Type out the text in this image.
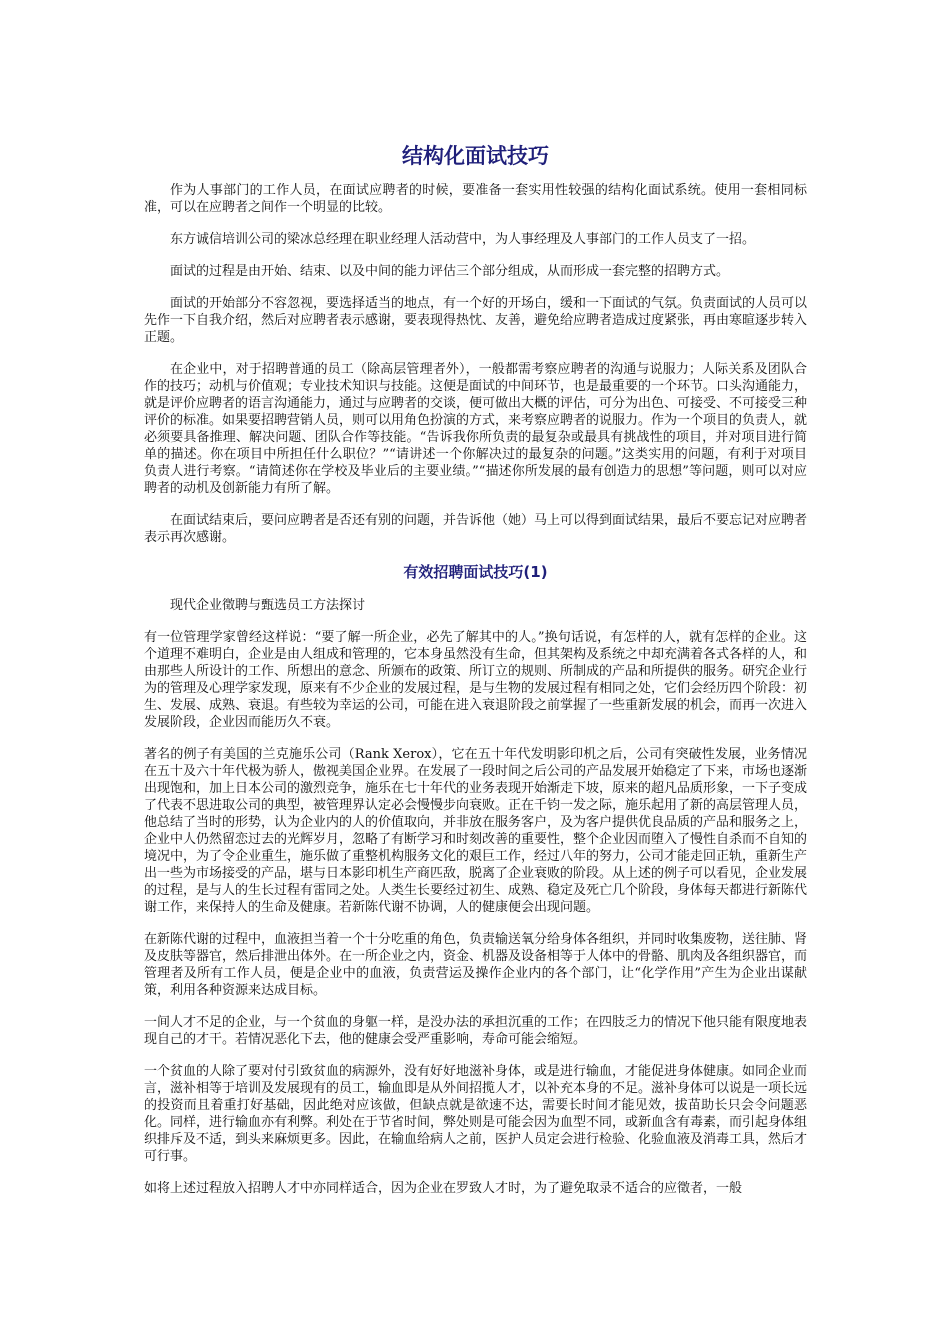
结构化面试技巧

作为人事部门的工作人员，在面试应聘者的时候，要准备一套实用性较强的结构化面试系统。使用一套相同标准，可以在应聘者之间作一个明显的比较。

东方诚信培训公司的梁冰总经理在职业经理人活动营中，为人事经理及人事部门的工作人员支了一招。

面试的过程是由开始、结束、以及中间的能力评估三个部分组成，从而形成一套完整的招聘方式。

面试的开始部分不容忽视，要选择适当的地点，有一个好的开场白，缓和一下面试的气氛。负责面试的人员可以先作一下自我介绍，然后对应聘者表示感谢，要表现得热忱、友善，避免给应聘者造成过度紧张，再由寒暄逐步转入正题。

在企业中，对于招聘普通的员工（除高层管理者外），一般都需考察应聘者的沟通与说服力；人际关系及团队合作的技巧；动机与价值观；专业技术知识与技能。这便是面试的中间环节，也是最重要的一个环节。口头沟通能力，就是评价应聘者的语言沟通能力，通过与应聘者的交谈，便可做出大概的评估，可分为出色、可接受、不可接受三种评价的标准。如果要招聘营销人员，则可以用角色扮演的方式，来考察应聘者的说服力。作为一个项目的负责人，就必须要具备推理、解决问题、团队合作等技能。“告诉我你所负责的最复杂或最具有挑战性的项目，并对项目进行简单的描述。你在项目中所担任什么职位？”“请讲述一个你解决过的最复杂的问题。”这类实用的问题，有利于对项目负责人进行考察。“请简述你在学校及毕业后的主要业绩。”“描述你所发展的最有创造力的思想”等问题，则可以对应聘者的动机及创新能力有所了解。

在面试结束后，要问应聘者是否还有别的问题，并告诉他（她）马上可以得到面试结果，最后不要忘记对应聘者表示再次感谢。

有效招聘面试技巧(1)

现代企业徵聘与甄选员工方法探讨

有一位管理学家曾经这样说：“要了解一所企业，必先了解其中的人。”换句话说，有怎样的人，就有怎样的企业。这个道理不难明白，企业是由人组成和管理的，它本身虽然没有生命，但其架构及系统之中却充满着各式各样的人，和由那些人所设计的工作、所想出的意念、所颁布的政策、所订立的规则、所制成的产品和所提供的服务。研究企业行为的管理及心理学家发现，原来有不少企业的发展过程，是与生物的发展过程有相同之处，它们会经历四个阶段：初生、发展、成熟、衰退。有些较为幸运的公司，可能在进入衰退阶段之前掌握了一些重新发展的机会，而再一次进入发展阶段，企业因而能历久不衰。

著名的例子有美国的兰克施乐公司（Rank Xerox），它在五十年代发明影印机之后，公司有突破性发展，业务情况在五十及六十年代极为骄人，傲视美国企业界。在发展了一段时间之后公司的产品发展开始稳定了下来，市场也逐渐出现饱和，加上日本公司的激烈竞争，施乐在七十年代的业务表现开始渐走下坡，原来的超凡品质形象，一下子变成了代表不思进取公司的典型，被管理界认定必会慢慢步向衰败。正在千钧一发之际，施乐起用了新的高层管理人员，他总结了当时的形势，认为企业内的人的价值取向，并非放在服务客户，及为客户提供优良品质的产品和服务之上，企业中人仍然留恋过去的光辉岁月，忽略了有断学习和时刻改善的重要性，整个企业因而堕入了慢性自杀而不自知的境况中，为了令企业重生，施乐做了重整机构服务文化的艰巨工作，经过八年的努力，公司才能走回正轨，重新生产出一些为市场接受的产品，堪与日本影印机生产商匹敌，脱离了企业衰败的阶段。从上述的例子可以看见，企业发展的过程，是与人的生长过程有雷同之处。人类生长要经过初生、成熟、稳定及死亡几个阶段，身体每天都进行新陈代谢工作，来保持人的生命及健康。若新陈代谢不协调，人的健康便会出现问题。

在新陈代谢的过程中，血液担当着一个十分吃重的角色，负责输送氧分给身体各组织，并同时收集废物，送往肺、肾及皮肤等器官，然后排泄出体外。在一所企业之内，资金、机器及设备相等于人体中的骨骼、肌肉及各组织器官，而管理者及所有工作人员，便是企业中的血液，负责营运及操作企业内的各个部门，让“化学作用”产生为企业出谋献策，利用各种资源来达成目标。

一间人才不足的企业，与一个贫血的身躯一样，是没办法的承担沉重的工作；在四肢乏力的情况下他只能有限度地表现自己的才干。若情况恶化下去，他的健康会受严重影响，寿命可能会缩短。

一个贫血的人除了要对付引致贫血的病源外，没有好好地滋补身体，或是进行输血，才能促进身体健康。如同企业而言，滋补相等于培训及发展现有的员工，输血即是从外间招揽人才，以补充本身的不足。滋补身体可以说是一项长远的投资而且着重打好基础，因此绝对应该做，但缺点就是欲速不达，需要长时间才能见效，拔苗助长只会令问题恶化。同样，进行输血亦有利弊。利处在于节省时间，弊处则是可能会因为血型不同，或新血含有毒素，而引起身体组织排斥及不适，到头来麻烦更多。因此，在输血给病人之前，医护人员定会进行检验、化验血液及消毒工具，然后才可行事。

如将上述过程放入招聘人才中亦同样适合，因为企业在罗致人才时，为了避免取录不适合的应徵者，一般
